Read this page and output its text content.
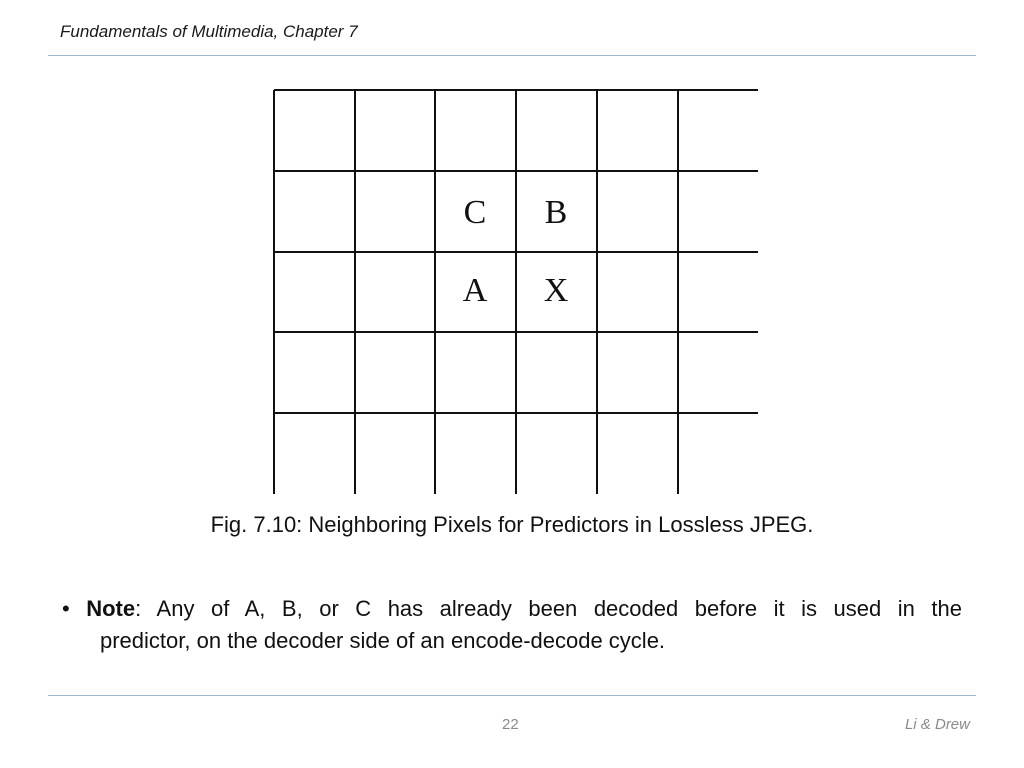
Fundamentals of Multimedia, Chapter 7
C B
A X
Fig. 7.10: Neighboring Pixels for Predictors in Lossless JPEG.
• Note: Any of A, B, or C has already been decoded before it is used in the
predictor, on the decoder side of an encode-decode cycle.
22	Li & Drew
